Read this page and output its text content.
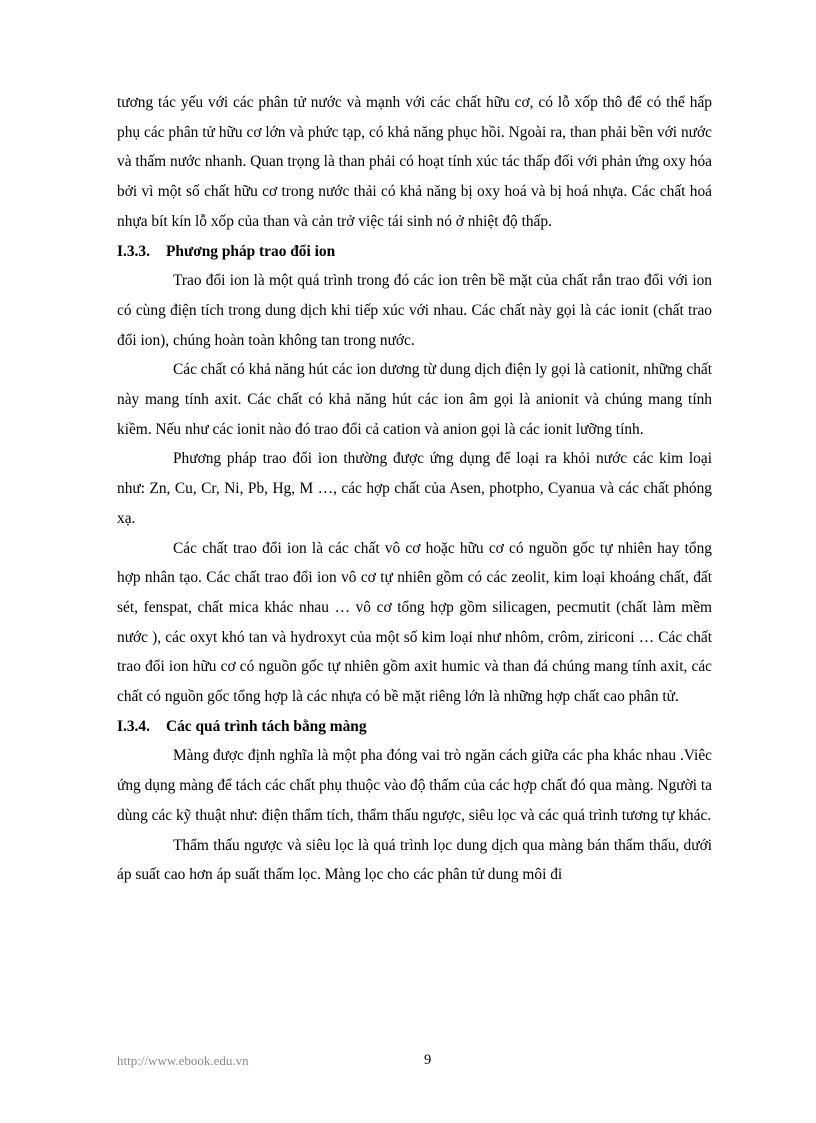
tương tác yếu với các phân tử nước và mạnh với các chất hữu cơ, có lỗ xốp thô để có thể hấp phụ các phân tử hữu cơ lớn và phức tạp, có khả năng phục hồi. Ngoài ra, than phải bền với nước và thấm nước nhanh. Quan trọng là than phải có hoạt tính xúc tác thấp đối với phản ứng oxy hóa bởi vì một số chất hữu cơ trong nước thải có khả năng bị oxy hoá và bị hoá nhựa. Các chất hoá nhựa bít kín lỗ xốp của than và cản trở việc tái sinh nó ở nhiệt độ thấp.

I.3.3. Phương pháp trao đổi ion

Trao đổi ion là một quá trình trong đó các ion trên bề mặt của chất rắn trao đổi với ion có cùng điện tích trong dung dịch khi tiếp xúc với nhau. Các chất này gọi là các ionit (chất trao đổi ion), chúng hoàn toàn không tan trong nước.

Các chất có khả năng hút các ion dương từ dung dịch điện ly gọi là cationit, những chất này mang tính axit. Các chất có khả năng hút các ion âm gọi là anionit và chúng mang tính kiềm. Nếu như các ionit nào đó trao đổi cả cation và anion gọi là các ionit lưỡng tính.

Phương pháp trao đổi ion thường được ứng dụng để loại ra khỏi nước các kim loại như: Zn, Cu, Cr, Ni, Pb, Hg, M …, các hợp chất của Asen, photpho, Cyanua và các chất phóng xạ.

Các chất trao đổi ion là các chất vô cơ hoặc hữu cơ có nguồn gốc tự nhiên hay tổng hợp nhân tạo. Các chất trao đổi ion vô cơ tự nhiên gồm có các zeolit, kim loại khoáng chất, đất sét, fenspat, chất mica khác nhau … vô cơ tổng hợp gồm silicagen, pecmutit (chất làm mềm nước ), các oxyt khó tan và hydroxyt của một số kim loại như nhôm, crôm, ziriconi … Các chất trao đổi ion hữu cơ có nguồn gốc tự nhiên gồm axit humic và than đá chúng mang tính axit, các chất có nguồn gốc tổng hợp là các nhựa có bề mặt riêng lớn là những hợp chất cao phân tử.

I.3.4. Các quá trình tách bằng màng

Màng được định nghĩa là một pha đóng vai trò ngăn cách giữa các pha khác nhau .Viêc ứng dụng màng để tách các chất phụ thuộc vào độ thấm của các hợp chất đó qua màng. Người ta dùng các kỹ thuật như: điện thẩm tích, thẩm thấu ngược, siêu lọc và các quá trình tương tự khác.

Thẩm thấu ngược và siêu lọc là quá trình lọc dung dịch qua màng bán thẩm thấu, dưới áp suất cao hơn áp suất thấm lọc. Màng lọc cho các phân tử dung môi đi

http://www.ebook.edu.vn	9
